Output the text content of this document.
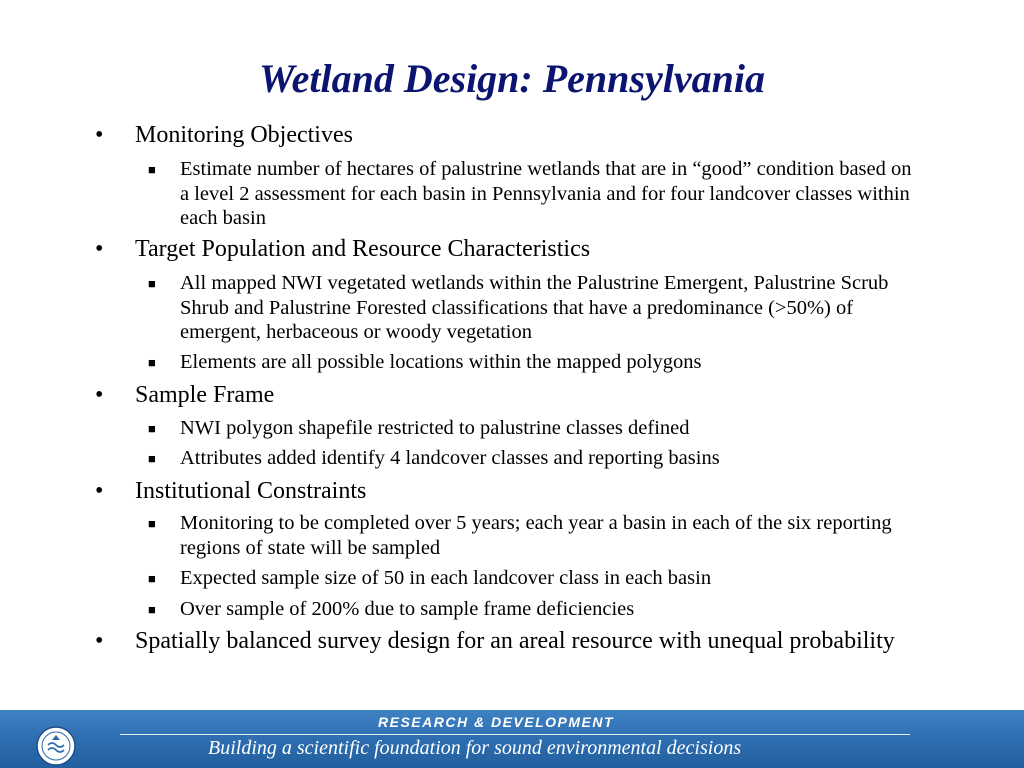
Wetland Design: Pennsylvania
• Monitoring Objectives
■ Estimate number of hectares of palustrine wetlands that are in “good” condition based on a level 2 assessment for each basin in Pennsylvania and for four landcover classes within each basin
• Target Population and Resource Characteristics
■ All mapped NWI vegetated wetlands within the Palustrine Emergent, Palustrine Scrub Shrub and Palustrine Forested classifications that have a predominance (>50%) of emergent, herbaceous or woody vegetation
■ Elements are all possible locations within the mapped polygons
• Sample Frame
■ NWI polygon shapefile restricted to palustrine classes defined
■ Attributes added identify 4 landcover classes and reporting basins
• Institutional Constraints
■ Monitoring to be completed over 5 years; each year a basin in each of the six reporting regions of state will be sampled
■ Expected sample size of 50 in each landcover class in each basin
■ Over sample of 200% due to sample frame deficiencies
• Spatially balanced survey design for an areal resource with unequal probability
RESEARCH & DEVELOPMENT
Building a scientific foundation for sound environmental decisions
